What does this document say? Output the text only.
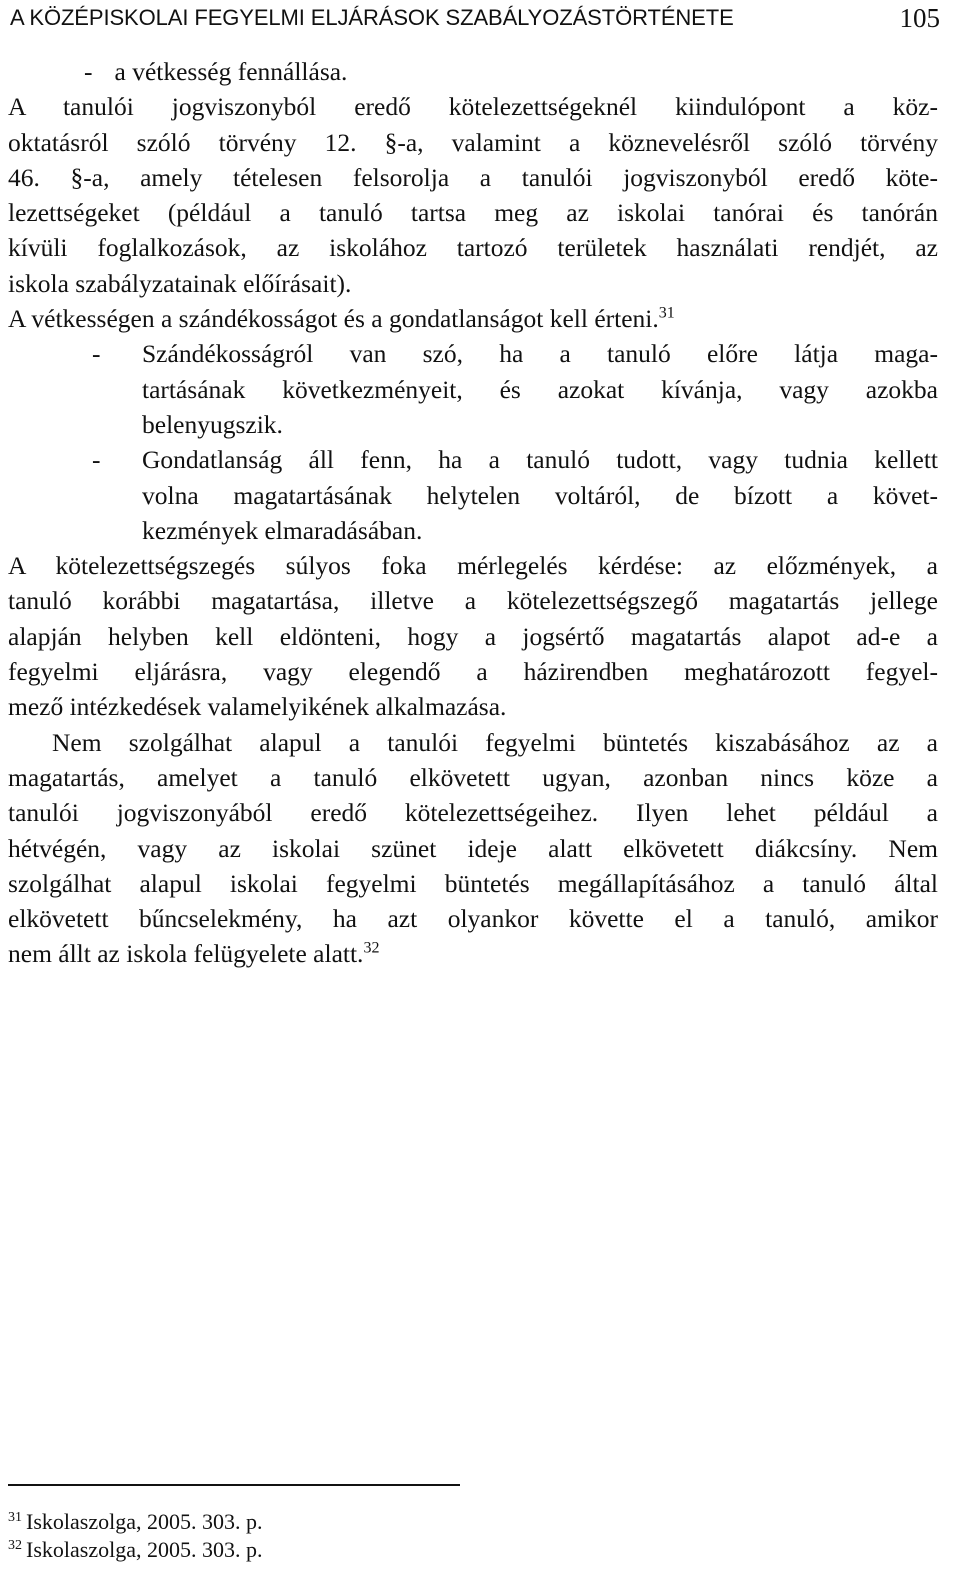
A KÖZÉPISKOLAI FEGYELMI ELJÁRÁSOK SZABÁLYOZÁSTÖRTÉNETE	105
- a vétkesség fennállása.
A tanulói jogviszonyból eredő kötelezettségeknél kiindulópont a köz-
oktatásról szóló törvény 12. §-a, valamint a köznevelésről szóló törvény
46. §-a, amely tételesen felsorolja a tanulói jogviszonyból eredő köte-
lezettségeket (például a tanuló tartsa meg az iskolai tanórai és tanórán
kívüli foglalkozások, az iskolához tartozó területek használati rendjét, az
iskola szabályzatainak előírásait).
A vétkességen a szándékosságot és a gondatlanságot kell érteni.$^{31}$
-	Szándékosságról van szó, ha a tanuló előre látja maga-
tartásának következményeit, és azokat kívánja, vagy azokba
belenyugszik.
-	Gondatlanság áll fenn, ha a tanuló tudott, vagy tudnia kellett
volna magatartásának helytelen voltáról, de bízott a követ-
kezmények elmaradásában.
A kötelezettségszegés súlyos foka mérlegelés kérdése: az előzmények, a
tanuló korábbi magatartása, illetve a kötelezettségszegő magatartás jellege
alapján helyben kell eldönteni, hogy a jogsértő magatartás alapot ad-e a
fegyelmi eljárásra, vagy elegendő a házirendben meghatározott fegyel-
mező intézkedések valamelyikének alkalmazása.
Nem szolgálhat alapul a tanulói fegyelmi büntetés kiszabásához az a
magatartás, amelyet a tanuló elkövetett ugyan, azonban nincs köze a
tanulói jogviszonyából eredő kötelezettségeihez. Ilyen lehet például a
hétvégén, vagy az iskolai szünet ideje alatt elkövetett diákcsíny. Nem
szolgálhat alapul iskolai fegyelmi büntetés megállapításához a tanuló által
elkövetett bűncselekmény, ha azt olyankor követte el a tanuló, amikor
nem állt az iskola felügyelete alatt.$^{32}$
$^{31}$ Iskolaszolga, 2005. 303. p.
$^{32}$ Iskolaszolga, 2005. 303. p.
